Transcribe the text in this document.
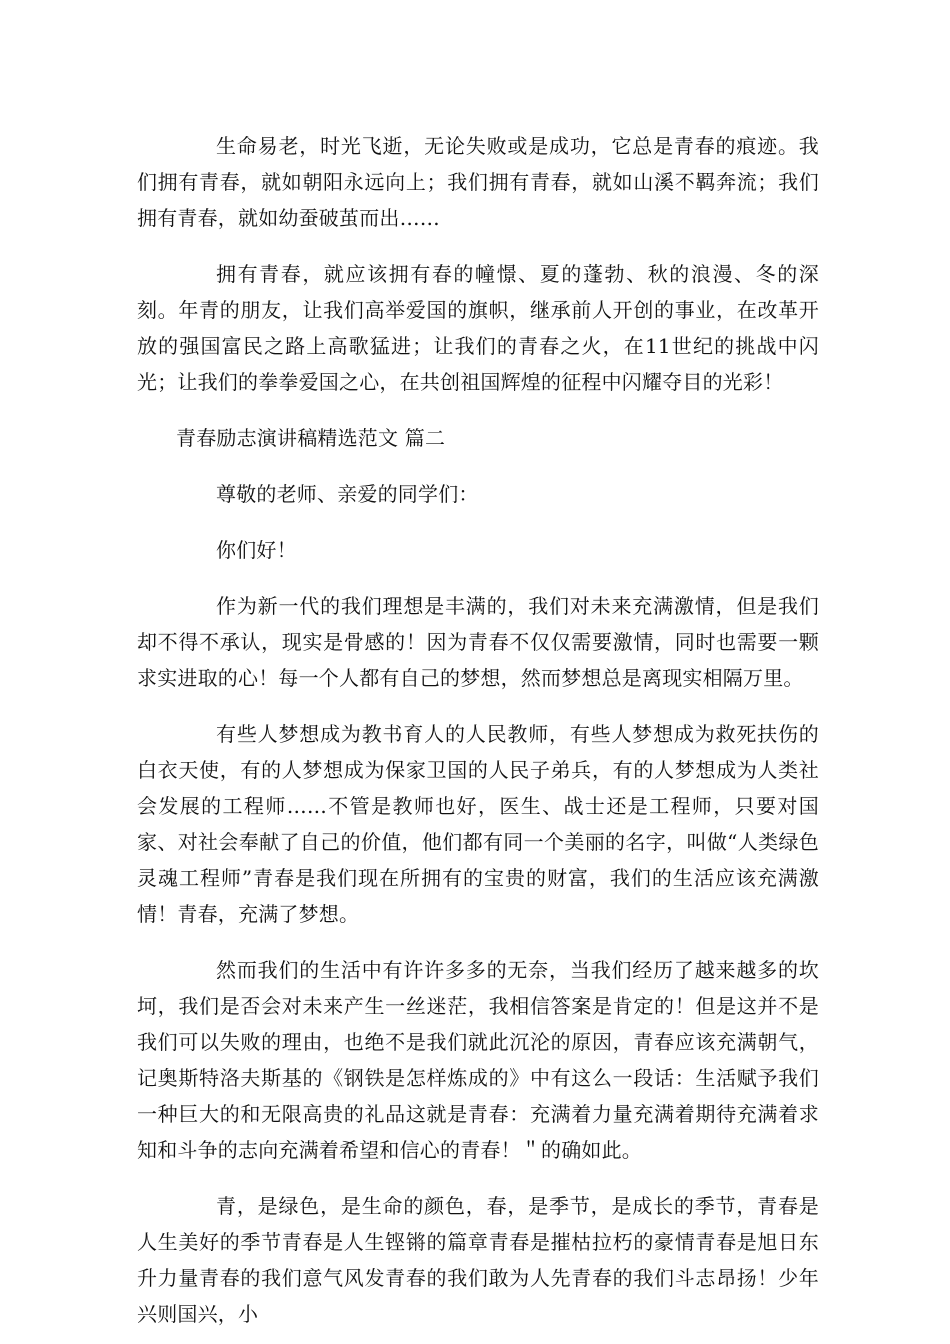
生命易老，时光飞逝，无论失败或是成功，它总是青春的痕迹。我们拥有青春，就如朝阳永远向上；我们拥有青春，就如山溪不羁奔流；我们拥有青春，就如幼蚕破茧而出……

拥有青春，就应该拥有春的幢憬、夏的蓬勃、秋的浪漫、冬的深刻。年青的朋友，让我们高举爱国的旗帜，继承前人开创的事业，在改革开放的强国富民之路上高歌猛进；让我们的青春之火，在11世纪的挑战中闪光；让我们的拳拳爱国之心，在共创祖国辉煌的征程中闪耀夺目的光彩！

青春励志演讲稿精选范文 篇二

尊敬的老师、亲爱的同学们：

你们好！

作为新一代的我们理想是丰满的，我们对未来充满激情，但是我们却不得不承认，现实是骨感的！因为青春不仅仅需要激情，同时也需要一颗求实进取的心！每一个人都有自己的梦想，然而梦想总是离现实相隔万里。

有些人梦想成为教书育人的人民教师，有些人梦想成为救死扶伤的白衣天使，有的人梦想成为保家卫国的人民子弟兵，有的人梦想成为人类社会发展的工程师……不管是教师也好，医生、战士还是工程师，只要对国家、对社会奉献了自己的价值，他们都有同一个美丽的名字，叫做“人类绿色灵魂工程师”青春是我们现在所拥有的宝贵的财富，我们的生活应该充满激情！青春，充满了梦想。

然而我们的生活中有许许多多的无奈，当我们经历了越来越多的坎坷，我们是否会对未来产生一丝迷茫，我相信答案是肯定的！但是这并不是我们可以失败的理由，也绝不是我们就此沉沦的原因，青春应该充满朝气，记奥斯特洛夫斯基的《钢铁是怎样炼成的》中有这么一段话：生活赋予我们一种巨大的和无限高贵的礼品这就是青春：充满着力量充满着期待充满着求知和斗争的志向充满着希望和信心的青春！＂的确如此。

青，是绿色，是生命的颜色，春，是季节，是成长的季节，青春是人生美好的季节青春是人生铿锵的篇章青春是摧枯拉朽的豪情青春是旭日东升力量青春的我们意气风发青春的我们敢为人先青春的我们斗志昂扬！少年兴则国兴，小
